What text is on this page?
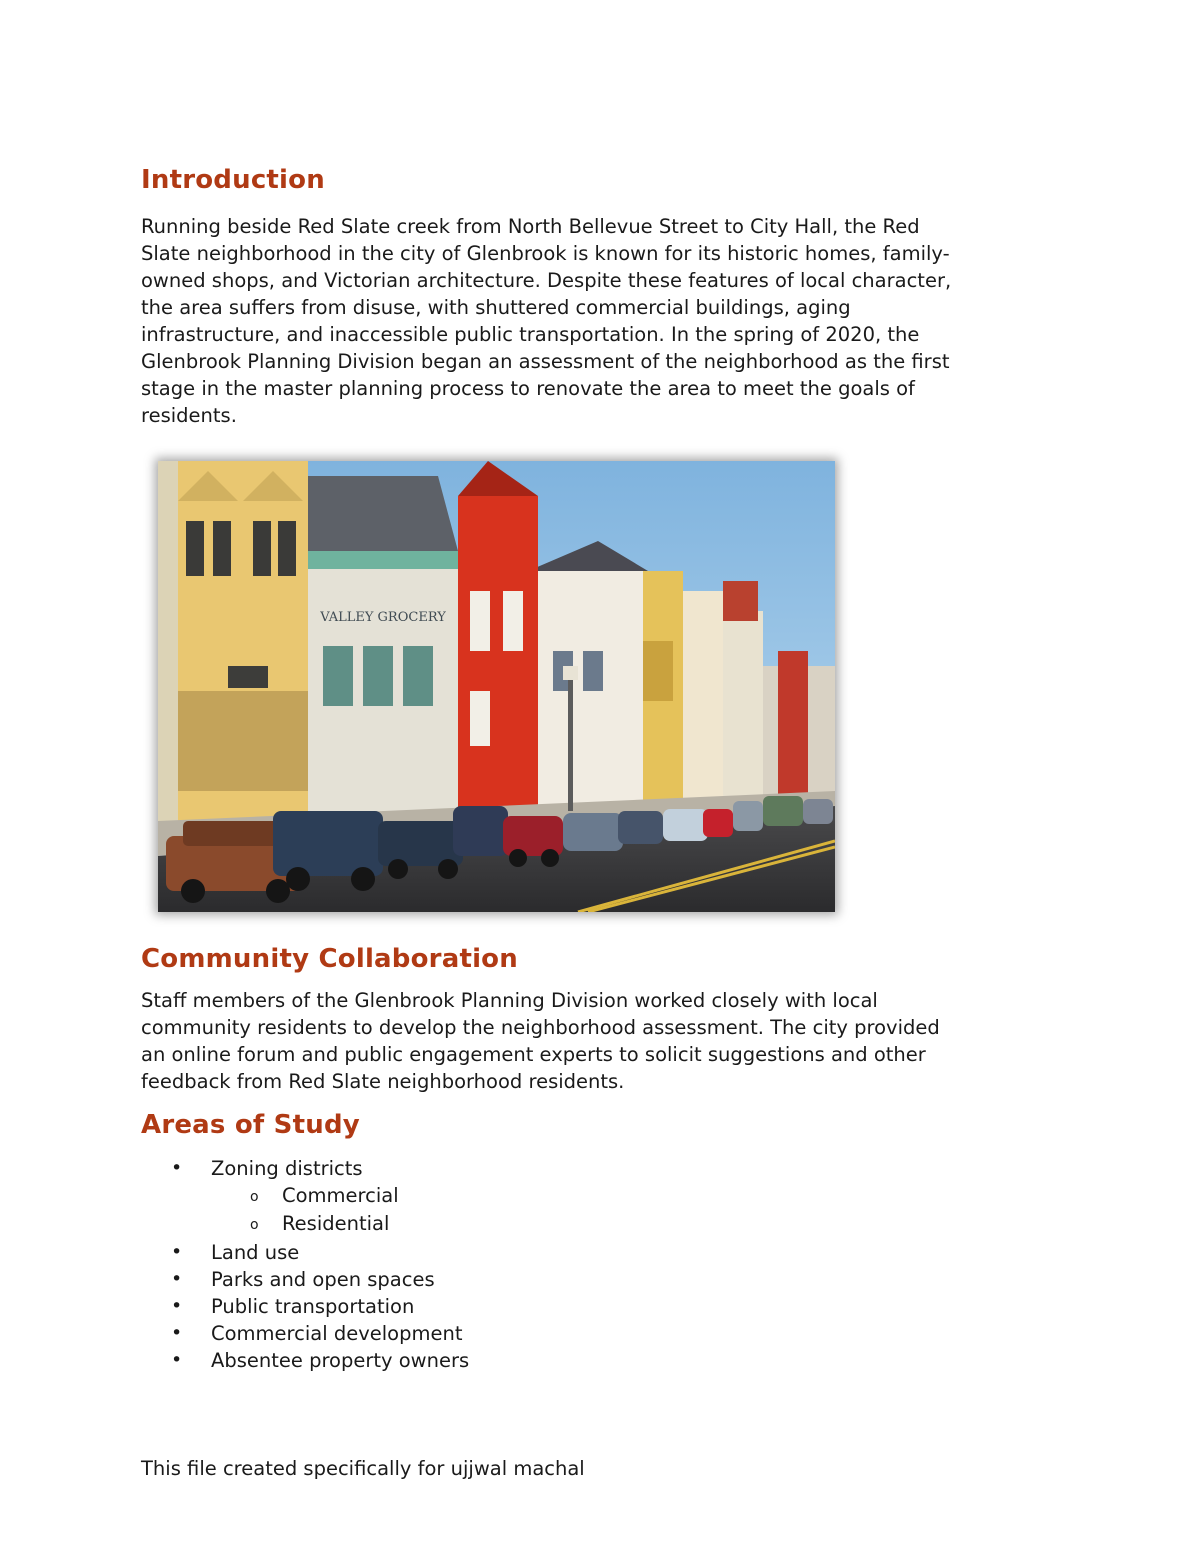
Introduction
Running beside Red Slate creek from North Bellevue Street to City Hall, the Red
Slate neighborhood in the city of Glenbrook is known for its historic homes, family-
owned shops, and Victorian architecture. Despite these features of local character,
the area suffers from disuse, with shuttered commercial buildings, aging
infrastructure, and inaccessible public transportation. In the spring of 2020, the
Glenbrook Planning Division began an assessment of the neighborhood as the first
stage in the master planning process to renovate the area to meet the goals of
residents.
VALLEY GROCERY
Community Collaboration
Staff members of the Glenbrook Planning Division worked closely with local
community residents to develop the neighborhood assessment. The city provided
an online forum and public engagement experts to solicit suggestions and other
feedback from Red Slate neighborhood residents.
Areas of Study
• Zoning districts
o Commercial
o Residential
• Land use
• Parks and open spaces
• Public transportation
• Commercial development
• Absentee property owners
This file created specifically for ujjwal machal
